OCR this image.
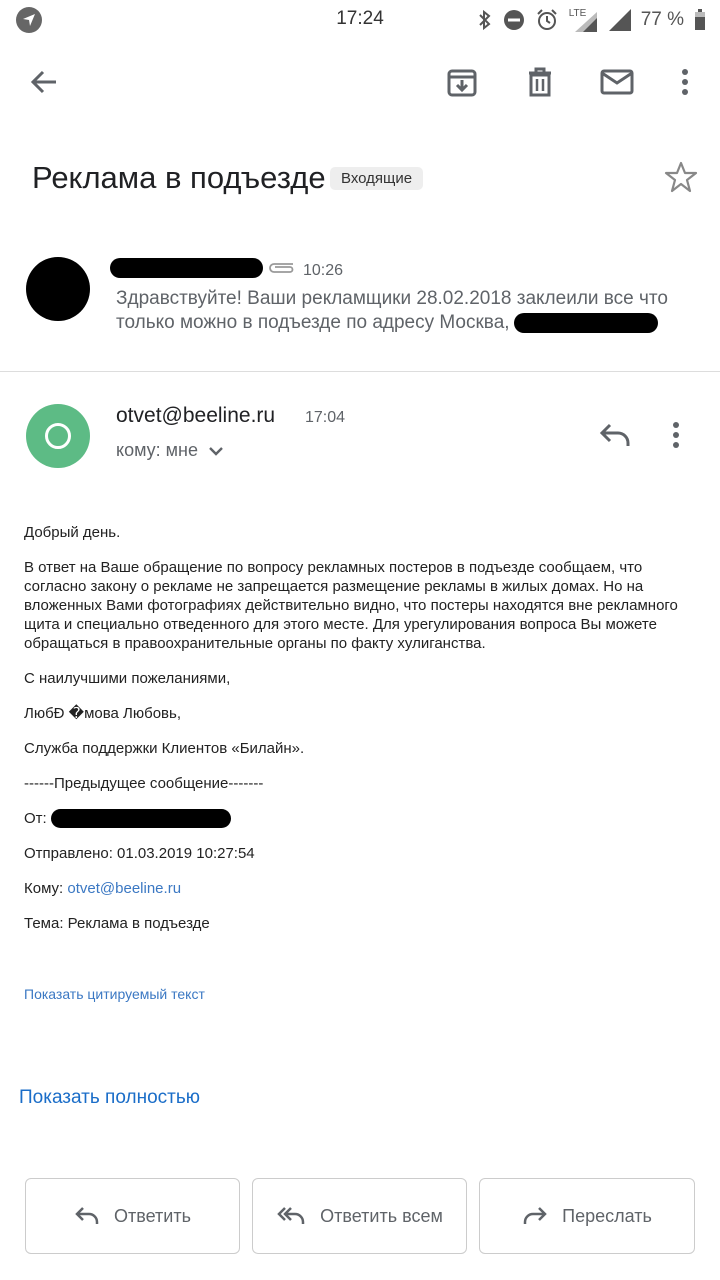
17:24	LTE	77 %
Реклама в подъезде	Входящие
10:26
Здравствуйте! Ваши рекламщики 28.02.2018 заклеили все что
только можно в подъезде по адресу Москва,
otvet@beeline.ru 17:04
кому: мне

Добрый день.

В ответ на Ваше обращение по вопросу рекламных постеров в подъезде сообщаем, что согласно закону о рекламе не запрещается размещение рекламы в жилых домах. Но на вложенных Вами фотографиях действительно видно, что постеры находятся вне рекламного щита и специально отведенного для этого месте. Для урегулирования вопроса Вы можете обращаться в правоохранительные органы по факту хулиганства.

С наилучшими пожеланиями,

ЛюбÐ �мова Любовь,

Служба поддержки Клиентов «Билайн».

------Предыдущее сообщение-------

От:

Отправлено: 01.03.2019 10:27:54

Кому: otvet@beeline.ru

Тема: Реклама в подъезде

Показать цитируемый текст
Показать полностью
Ответить	Ответить всем	Переслать
